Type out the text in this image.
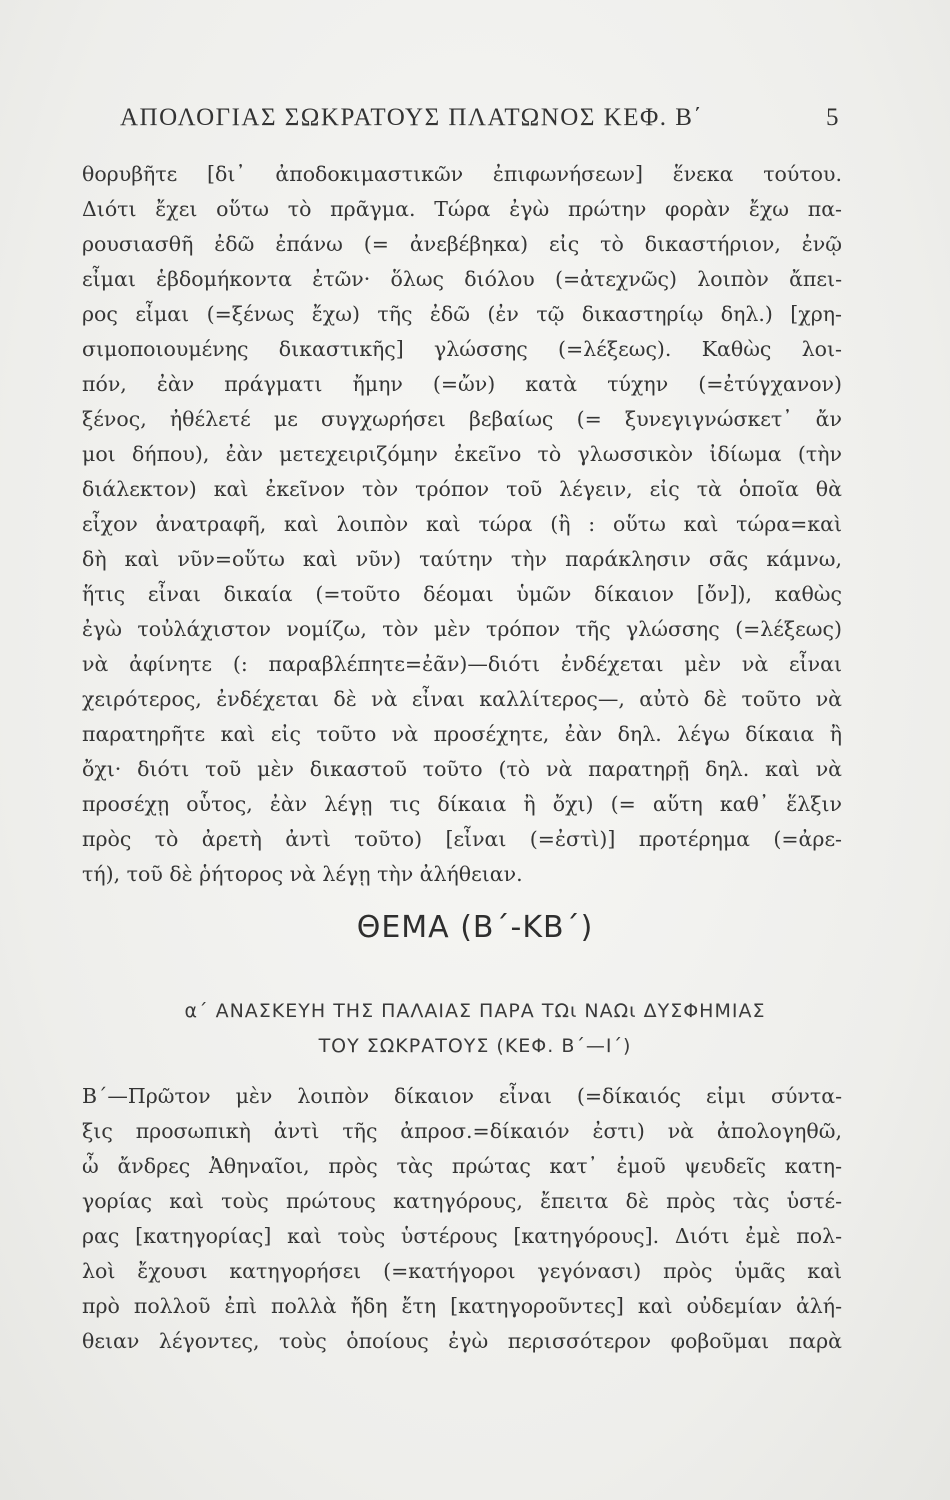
ΑΠΟΛΟΓΙΑΣ ΣΩΚΡΑΤΟΥΣ ΠΛΑΤΩΝΟΣ ΚΕΦ. Β΄	5
θορυβῆτε [δι᾿ ἀποδοκιμαστικῶν ἐπιφωνήσεων] ἕνεκα τούτου.
Διότι ἔχει οὕτω τὸ πρᾶγμα. Τώρα ἐγὼ πρώτην φορὰν ἔχω πα-
ρουσιασθῆ ἐδῶ ἐπάνω (= ἀνεβέβηκα) εἰς τὸ δικαστήριον, ἐνῷ
εἶμαι ἑβδομήκοντα ἐτῶν· ὅλως διόλου (=ἀτεχνῶς) λοιπὸν ἄπει-
ρος εἶμαι (=ξένως ἔχω) τῆς ἐδῶ (ἐν τῷ δικαστηρίῳ δηλ.) [χρη-
σιμοποιουμένης δικαστικῆς] γλώσσης (=λέξεως). Καθὼς λοι-
πόν, ἐὰν πράγματι ἤμην (=ὤν) κατὰ τύχην (=ἐτύγχανον)
ξένος, ἠθέλετέ με συγχωρήσει βεβαίως (= ξυνεγιγνώσκετ᾿ ἄν
μοι δήπου), ἐὰν μετεχειριζόμην ἐκεῖνο τὸ γλωσσικὸν ἰδίωμα (τὴν
διάλεκτον) καὶ ἐκεῖνον τὸν τρόπον τοῦ λέγειν, εἰς τὰ ὁποῖα θὰ
εἶχον ἀνατραφῆ, καὶ λοιπὸν καὶ τώρα (ἢ : οὕτω καὶ τώρα=καὶ
δὴ καὶ νῦν=οὕτω καὶ νῦν) ταύτην τὴν παράκλησιν σᾶς κάμνω,
ἥτις εἶναι δικαία (=τοῦτο δέομαι ὑμῶν δίκαιον [ὄν]), καθὼς
ἐγὼ τοὐλάχιστον νομίζω, τὸν μὲν τρόπον τῆς γλώσσης (=λέξεως)
νὰ ἀφίνητε (: παραβλέπητε=ἐᾶν)—διότι ἐνδέχεται μὲν νὰ εἶναι
χειρότερος, ἐνδέχεται δὲ νὰ εἶναι καλλίτερος—, αὐτὸ δὲ τοῦτο νὰ
παρατηρῆτε καὶ εἰς τοῦτο νὰ προσέχητε, ἐὰν δηλ. λέγω δίκαια ἢ
ὄχι· διότι τοῦ μὲν δικαστοῦ τοῦτο (τὸ νὰ παρατηρῇ δηλ. καὶ νὰ
προσέχῃ οὗτος, ἐὰν λέγῃ τις δίκαια ἢ ὄχι) (= αὕτη καθ᾿ ἕλξιν
πρὸς τὸ ἀρετὴ ἀντὶ τοῦτο) [εἶναι (=ἐστὶ)] προτέρημα (=ἀρε-
τή), τοῦ δὲ ῥήτορος νὰ λέγῃ τὴν ἀλήθειαν.
ΘΕΜΑ (Β΄-ΚΒ΄)
α΄ ΑΝΑΣΚΕΥΗ ΤΗΣ ΠΑΛΑΙΑΣ ΠΑΡΑ ΤΩι ΝΑΩι ΔΥΣΦΗΜΙΑΣ
ΤΟΥ ΣΩΚΡΑΤΟΥΣ (ΚΕΦ. Β΄—Ι΄)
Β΄—Πρῶτον μὲν λοιπὸν δίκαιον εἶναι (=δίκαιός εἰμι σύντα-
ξις προσωπικὴ ἀντὶ τῆς ἀπροσ.=δίκαιόν ἐστι) νὰ ἀπολογηθῶ,
ὦ ἄνδρες Ἀθηναῖοι, πρὸς τὰς πρώτας κατ᾿ ἐμοῦ ψευδεῖς κατη-
γορίας καὶ τοὺς πρώτους κατηγόρους, ἔπειτα δὲ πρὸς τὰς ὑστέ-
ρας [κατηγορίας] καὶ τοὺς ὑστέρους [κατηγόρους]. Διότι ἐμὲ πολ-
λοὶ ἔχουσι κατηγορήσει (=κατήγοροι γεγόνασι) πρὸς ὑμᾶς καὶ
πρὸ πολλοῦ ἐπὶ πολλὰ ἤδη ἔτη [κατηγοροῦντες] καὶ οὐδεμίαν ἀλή-
θειαν λέγοντες, τοὺς ὁποίους ἐγὼ περισσότερον φοβοῦμαι παρὰ
